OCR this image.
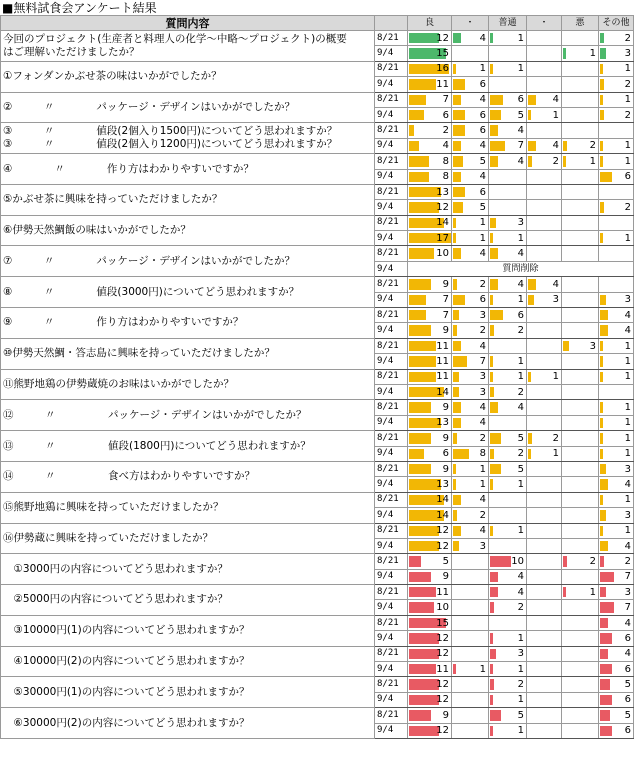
■無料試食会アンケート結果
質問内容		良	・	普通	・	悪	その他

今回のプロジェクト(生産者と料理人の化学～中略～プロジェクト)の概要
はご理解いただけましたか？	8/21	12	4	1			2
	9/4	15				1	3

①フォンダンかぶせ茶の味はいかがでしたか？	8/21	16	1	1			1
	9/4	11	6				2

②　　　〃　　　　パッケージ・デザインはいかがでしたか？	8/21	7	4	6	4		1
	9/4	6	6	5	1		2

③　　　〃　　　　値段(2個入り1500円)についてどう思われますか？
③　　　〃　　　　値段(2個入り1200円)についてどう思われますか？	8/21	2	6	4			
	9/4	4	4	7	4	2	1

④　　　　〃　　　　作り方はわかりやすいですか？	8/21	8	5	4	2	1	1
	9/4	8	4				6

⑤かぶせ茶に興味を持っていただけましたか？	8/21	13	6				
	9/4	12	5				2

⑥伊勢天然鯛飯の味はいかがでしたか？	8/21	14	1	3			
	9/4	17	1	1			1

⑦　　　〃　　　　パッケージ・デザインはいかがでしたか？	8/21	10	4	4			
	9/4	質問削除					

⑧　　　〃　　　　値段(3000円)についてどう思われますか？	8/21	9	2	4	4		
	9/4	7	6	1	3		3

⑨　　　〃　　　　作り方はわかりやすいですか？	8/21	7	3	6			4
	9/4	9	2	2			4

⑩伊勢天然鯛・答志島に興味を持っていただけましたか？	8/21	11	4			3	1
	9/4	11	7	1			1

⑪熊野地鶏の伊勢蔵焼のお味はいかがでしたか？	8/21	11	3	1	1		1
	9/4	14	3	2			

⑫　　　〃　　　　　パッケージ・デザインはいかがでしたか？	8/21	9	4	4			1
	9/4	13	4				1

⑬　　　〃　　　　　値段(1800円)についてどう思われますか？	8/21	9	2	5	2		1
	9/4	6	8	2	1		1

⑭　　　〃　　　　　食べ方はわかりやすいですか？	8/21	9	1	5			3
	9/4	13	1	1			4

⑮熊野地鶏に興味を持っていただけましたか？	8/21	14	4				1
	9/4	14	2				3

⑯伊勢蔵に興味を持っていただけましたか？	8/21	12	4	1			1
	9/4	12	3				4

　①3000円の内容についてどう思われますか？	8/21	5		10		2	2
	9/4	9		4			7

　②5000円の内容についてどう思われますか？	8/21	11		4		1	3
	9/4	10		2			7

　③10000円(1)の内容についてどう思われますか？	8/21	15					4
	9/4	12		1			6

　④10000円(2)の内容についてどう思われますか？	8/21	12		3			4
	9/4	11	1	1			6

　⑤30000円(1)の内容についてどう思われますか？	8/21	12		2			5
	9/4	12		1			6

　⑥30000円(2)の内容についてどう思われますか？	8/21	9		5			5
	9/4	12		1			6
